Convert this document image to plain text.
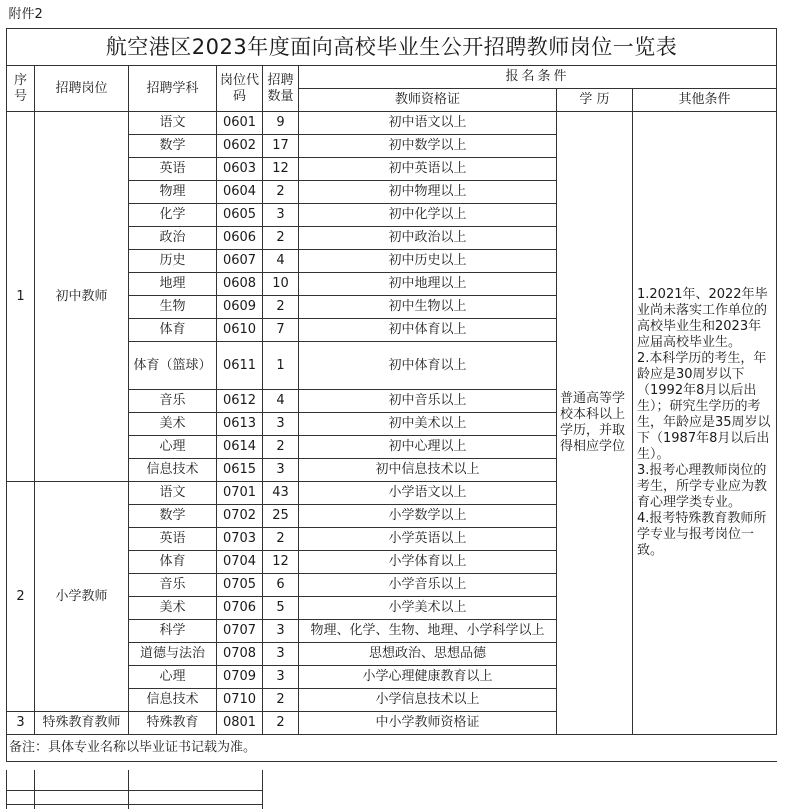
附件2							
航空港区2023年度面向高校毕业生公开招聘教师岗位一览表							
序号	招聘岗位	招聘学科	岗位代码	招聘数量	报名条件		
					教师资格证	学 历	其他条件
1	初中教师	语文	0601	9	初中语文以上	普通高等学校本科以上学历，并取得相应学位	1.2021年、2022年毕业尚未落实工作单位的高校毕业生和2023年应届高校毕业生。
2.本科学历的考生，年龄应是30周岁以下（1992年8月以后出生）；研究生学历的考生，年龄应是35周岁以下（1987年8月以后出生）。
3.报考心理教师岗位的考生，所学专业应为教育心理学类专业。
4.报考特殊教育教师所学专业与报考岗位一致。

		数学	0602	17	初中数学以上		
		英语	0603	12	初中英语以上		
		物理	0604	2	初中物理以上		
		化学	0605	3	初中化学以上		
		政治	0606	2	初中政治以上		
		历史	0607	4	初中历史以上		
		地理	0608	10	初中地理以上		
		生物	0609	2	初中生物以上		
		体育	0610	7	初中体育以上		
		体育（篮球）	0611	1	初中体育以上		
		音乐	0612	4	初中音乐以上		
		美术	0613	3	初中美术以上		
		心理	0614	2	初中心理以上		
		信息技术	0615	3	初中信息技术以上		
2	小学教师	语文	0701	43	小学语文以上		
		数学	0702	25	小学数学以上		
		英语	0703	2	小学英语以上		
		体育	0704	12	小学体育以上		
		音乐	0705	6	小学音乐以上		
		美术	0706	5	小学美术以上		
		科学	0707	3	物理、化学、生物、地理、小学科学以上		
		道德与法治	0708	3	思想政治、思想品德		
		心理	0709	3	小学心理健康教育以上		
		信息技术	0710	2	小学信息技术以上		
3	特殊教育教师	特殊教育	0801	2	中小学教师资格证		
备注：具体专业名称以毕业证书记载为准。							
